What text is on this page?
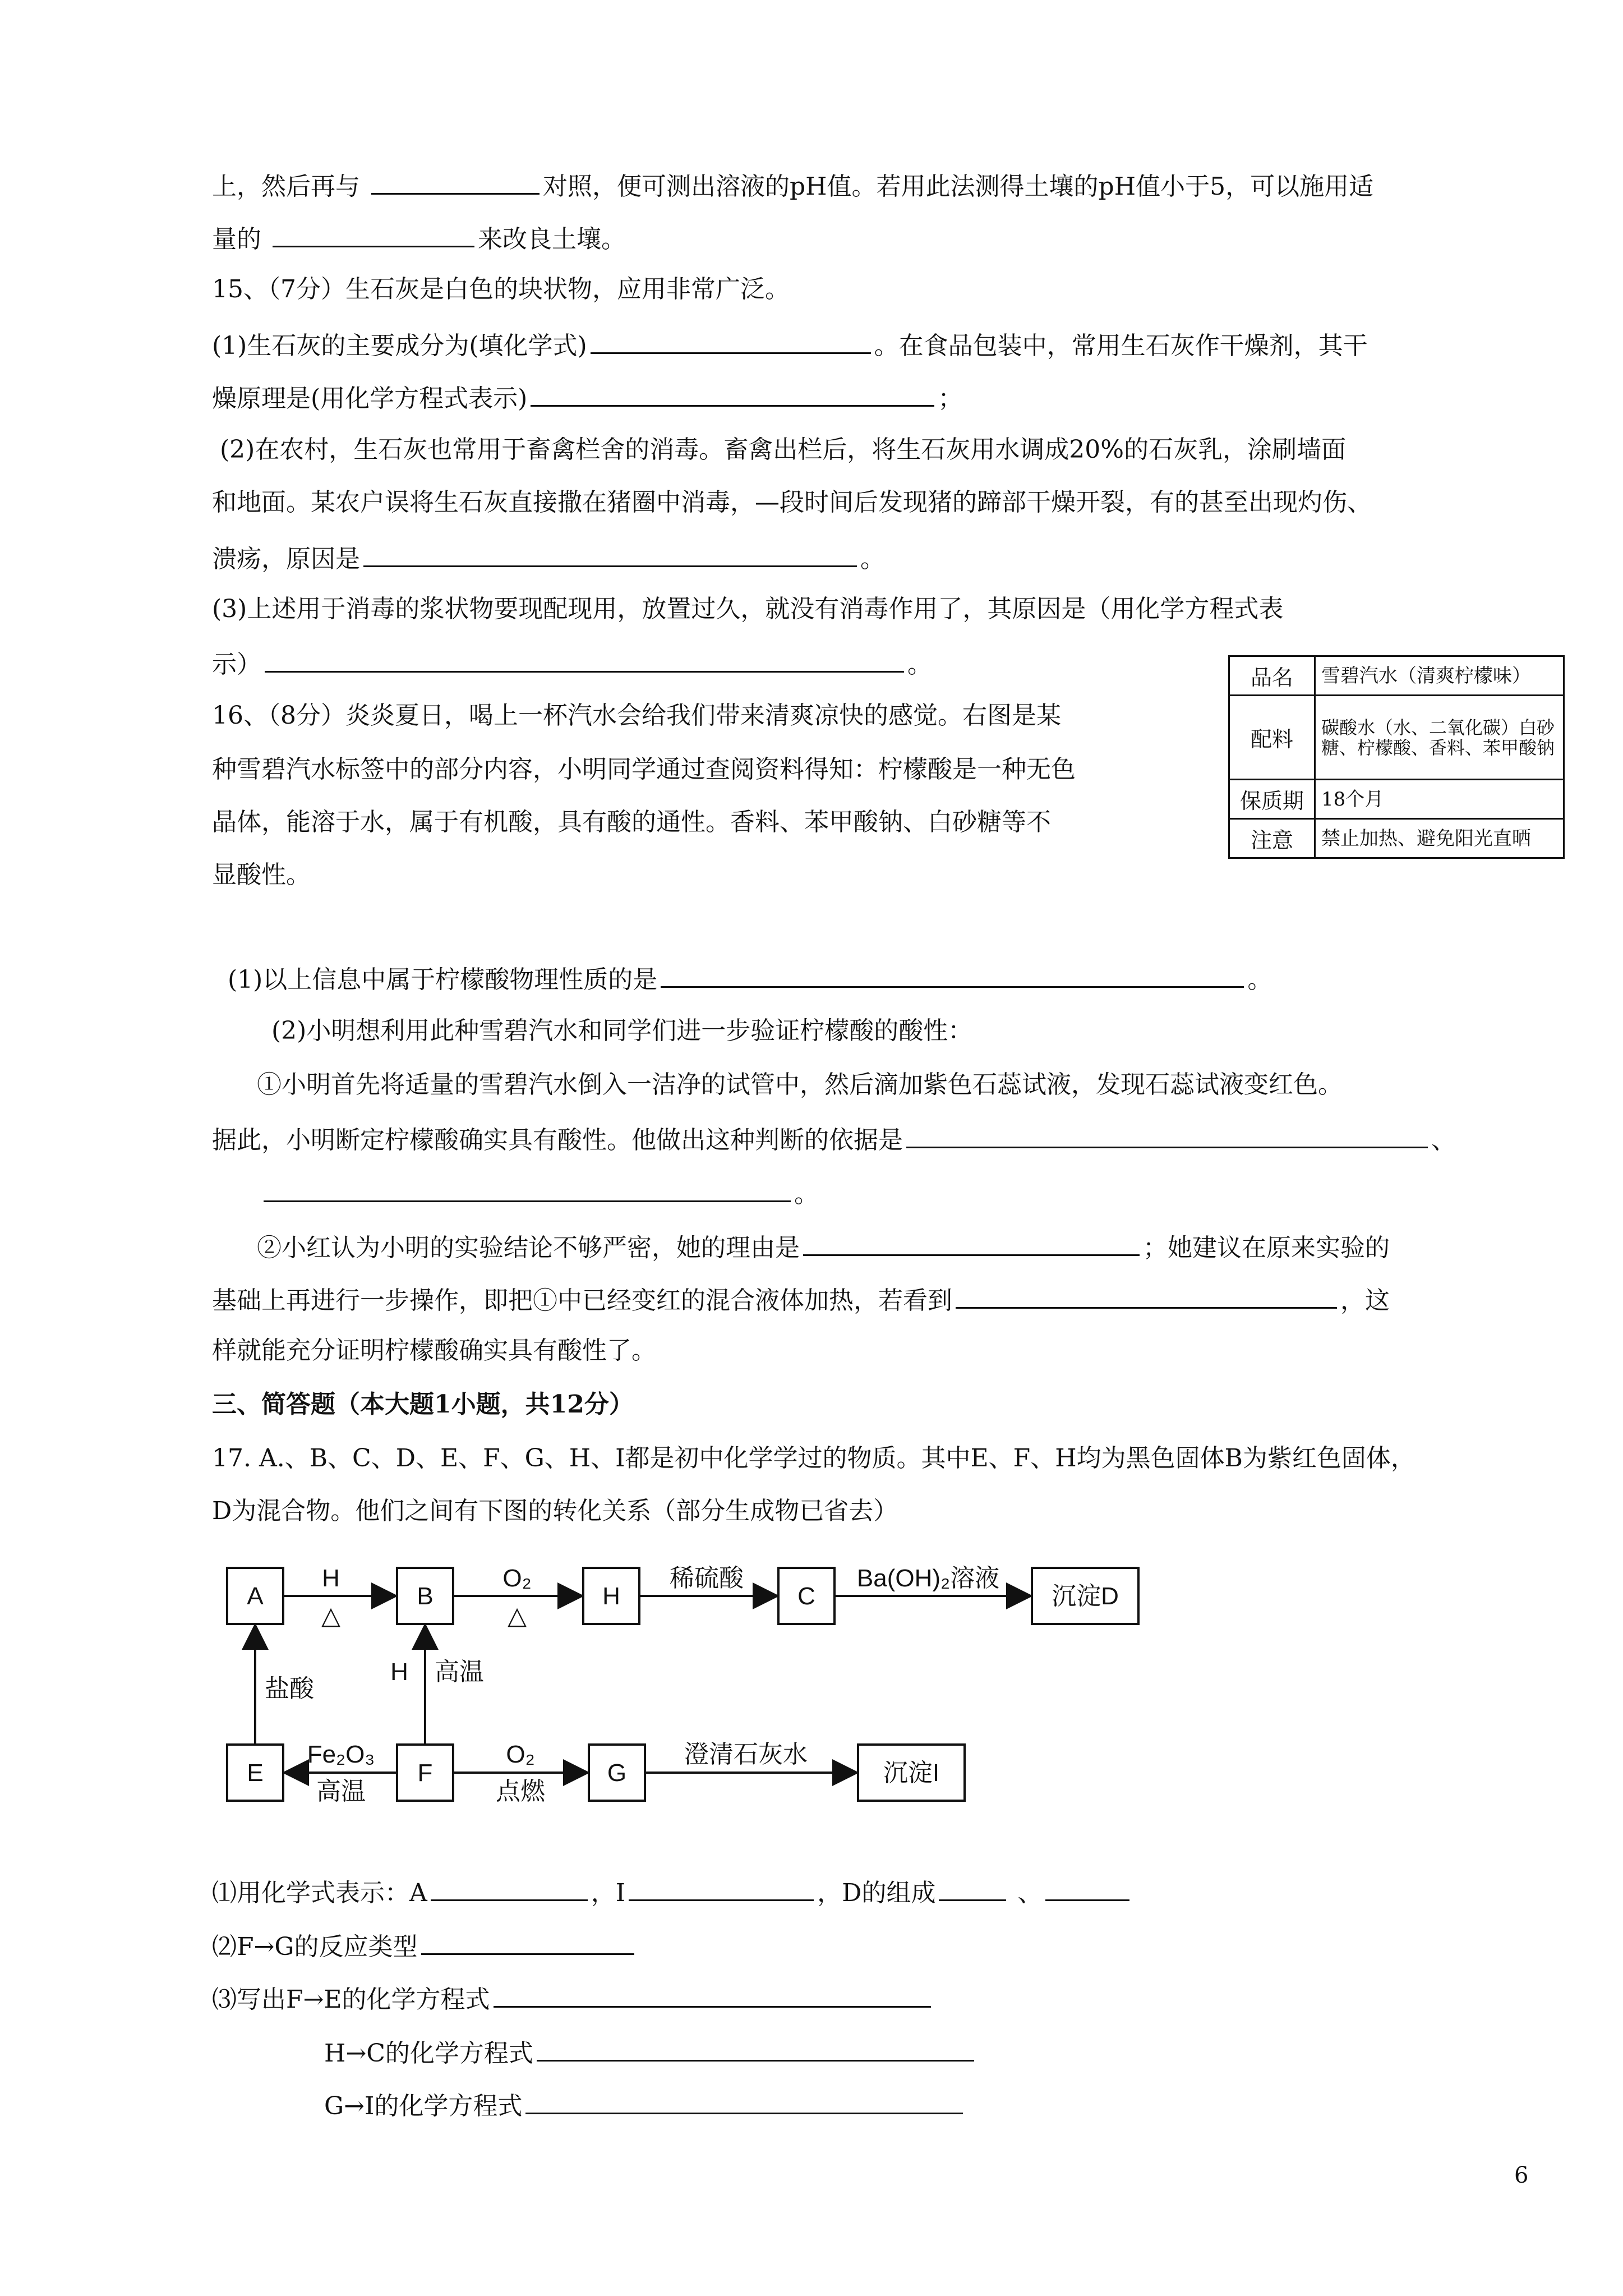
上，然后再与	对照，便可测出溶液的pH值。若用此法测得土壤的pH值小于5，可以施用适
量的	来改良土壤。
15、（7分）生石灰是白色的块状物，应用非常广泛。
(1)生石灰的主要成分为(填化学式)	。在食品包装中，常用生石灰作干燥剂，其干
燥原理是(用化学方程式表示)	；
(2)在农村，生石灰也常用于畜禽栏舍的消毒。畜禽出栏后，将生石灰用水调成20%的石灰乳，涂刷墙面
和地面。某农户误将生石灰直接撒在猪圈中消毒，—段时间后发现猪的蹄部干燥开裂，有的甚至出现灼伤、
溃疡，原因是	。
(3)上述用于消毒的浆状物要现配现用，放置过久，就没有消毒作用了，其原因是（用化学方程式表
示）	。
16、（8分）炎炎夏日，喝上一杯汽水会给我们带来清爽凉快的感觉。右图是某
种雪碧汽水标签中的部分内容，小明同学通过查阅资料得知：柠檬酸是一种无色
晶体，能溶于水，属于有机酸，具有酸的通性。香料、苯甲酸钠、白砂糖等不
显酸性。
品名	雪碧汽水（清爽柠檬味）
配料	碳酸水（水、二氧化碳）白砂糖、柠檬酸、香料、苯甲酸钠
保质期	18个月
注意	禁止加热、避免阳光直晒
(1)以上信息中属于柠檬酸物理性质的是	。
(2)小明想利用此种雪碧汽水和同学们进一步验证柠檬酸的酸性：
①小明首先将适量的雪碧汽水倒入一洁净的试管中，然后滴加紫色石蕊试液，发现石蕊试液变红色。
据此，小明断定柠檬酸确实具有酸性。他做出这种判断的依据是	、
。
②小红认为小明的实验结论不够严密，她的理由是	；她建议在原来实验的
基础上再进行一步操作，即把①中已经变红的混合液体加热，若看到	，这
样就能充分证明柠檬酸确实具有酸性了。
三、简答题（本大题1小题，共12分）
17. A.、B、C、D、E、F、G、H、I都是初中化学学过的物质。其中E、F、H均为黑色固体B为紫红色固体，
D为混合物。他们之间有下图的转化关系（部分生成物已省去）
A	B	H	C	沉淀D
E	F	G	沉淀I
H
△
O₂
△
稀硫酸	Ba(OH)₂溶液
盐酸
H 高温
Fe₂O₃
高温
O₂
点燃
澄清石灰水
⑴用化学式表示：A	，I	，D的组成	、
⑵F→G的反应类型
⑶写出F→E的化学方程式
H→C的化学方程式
G→I的化学方程式
6
